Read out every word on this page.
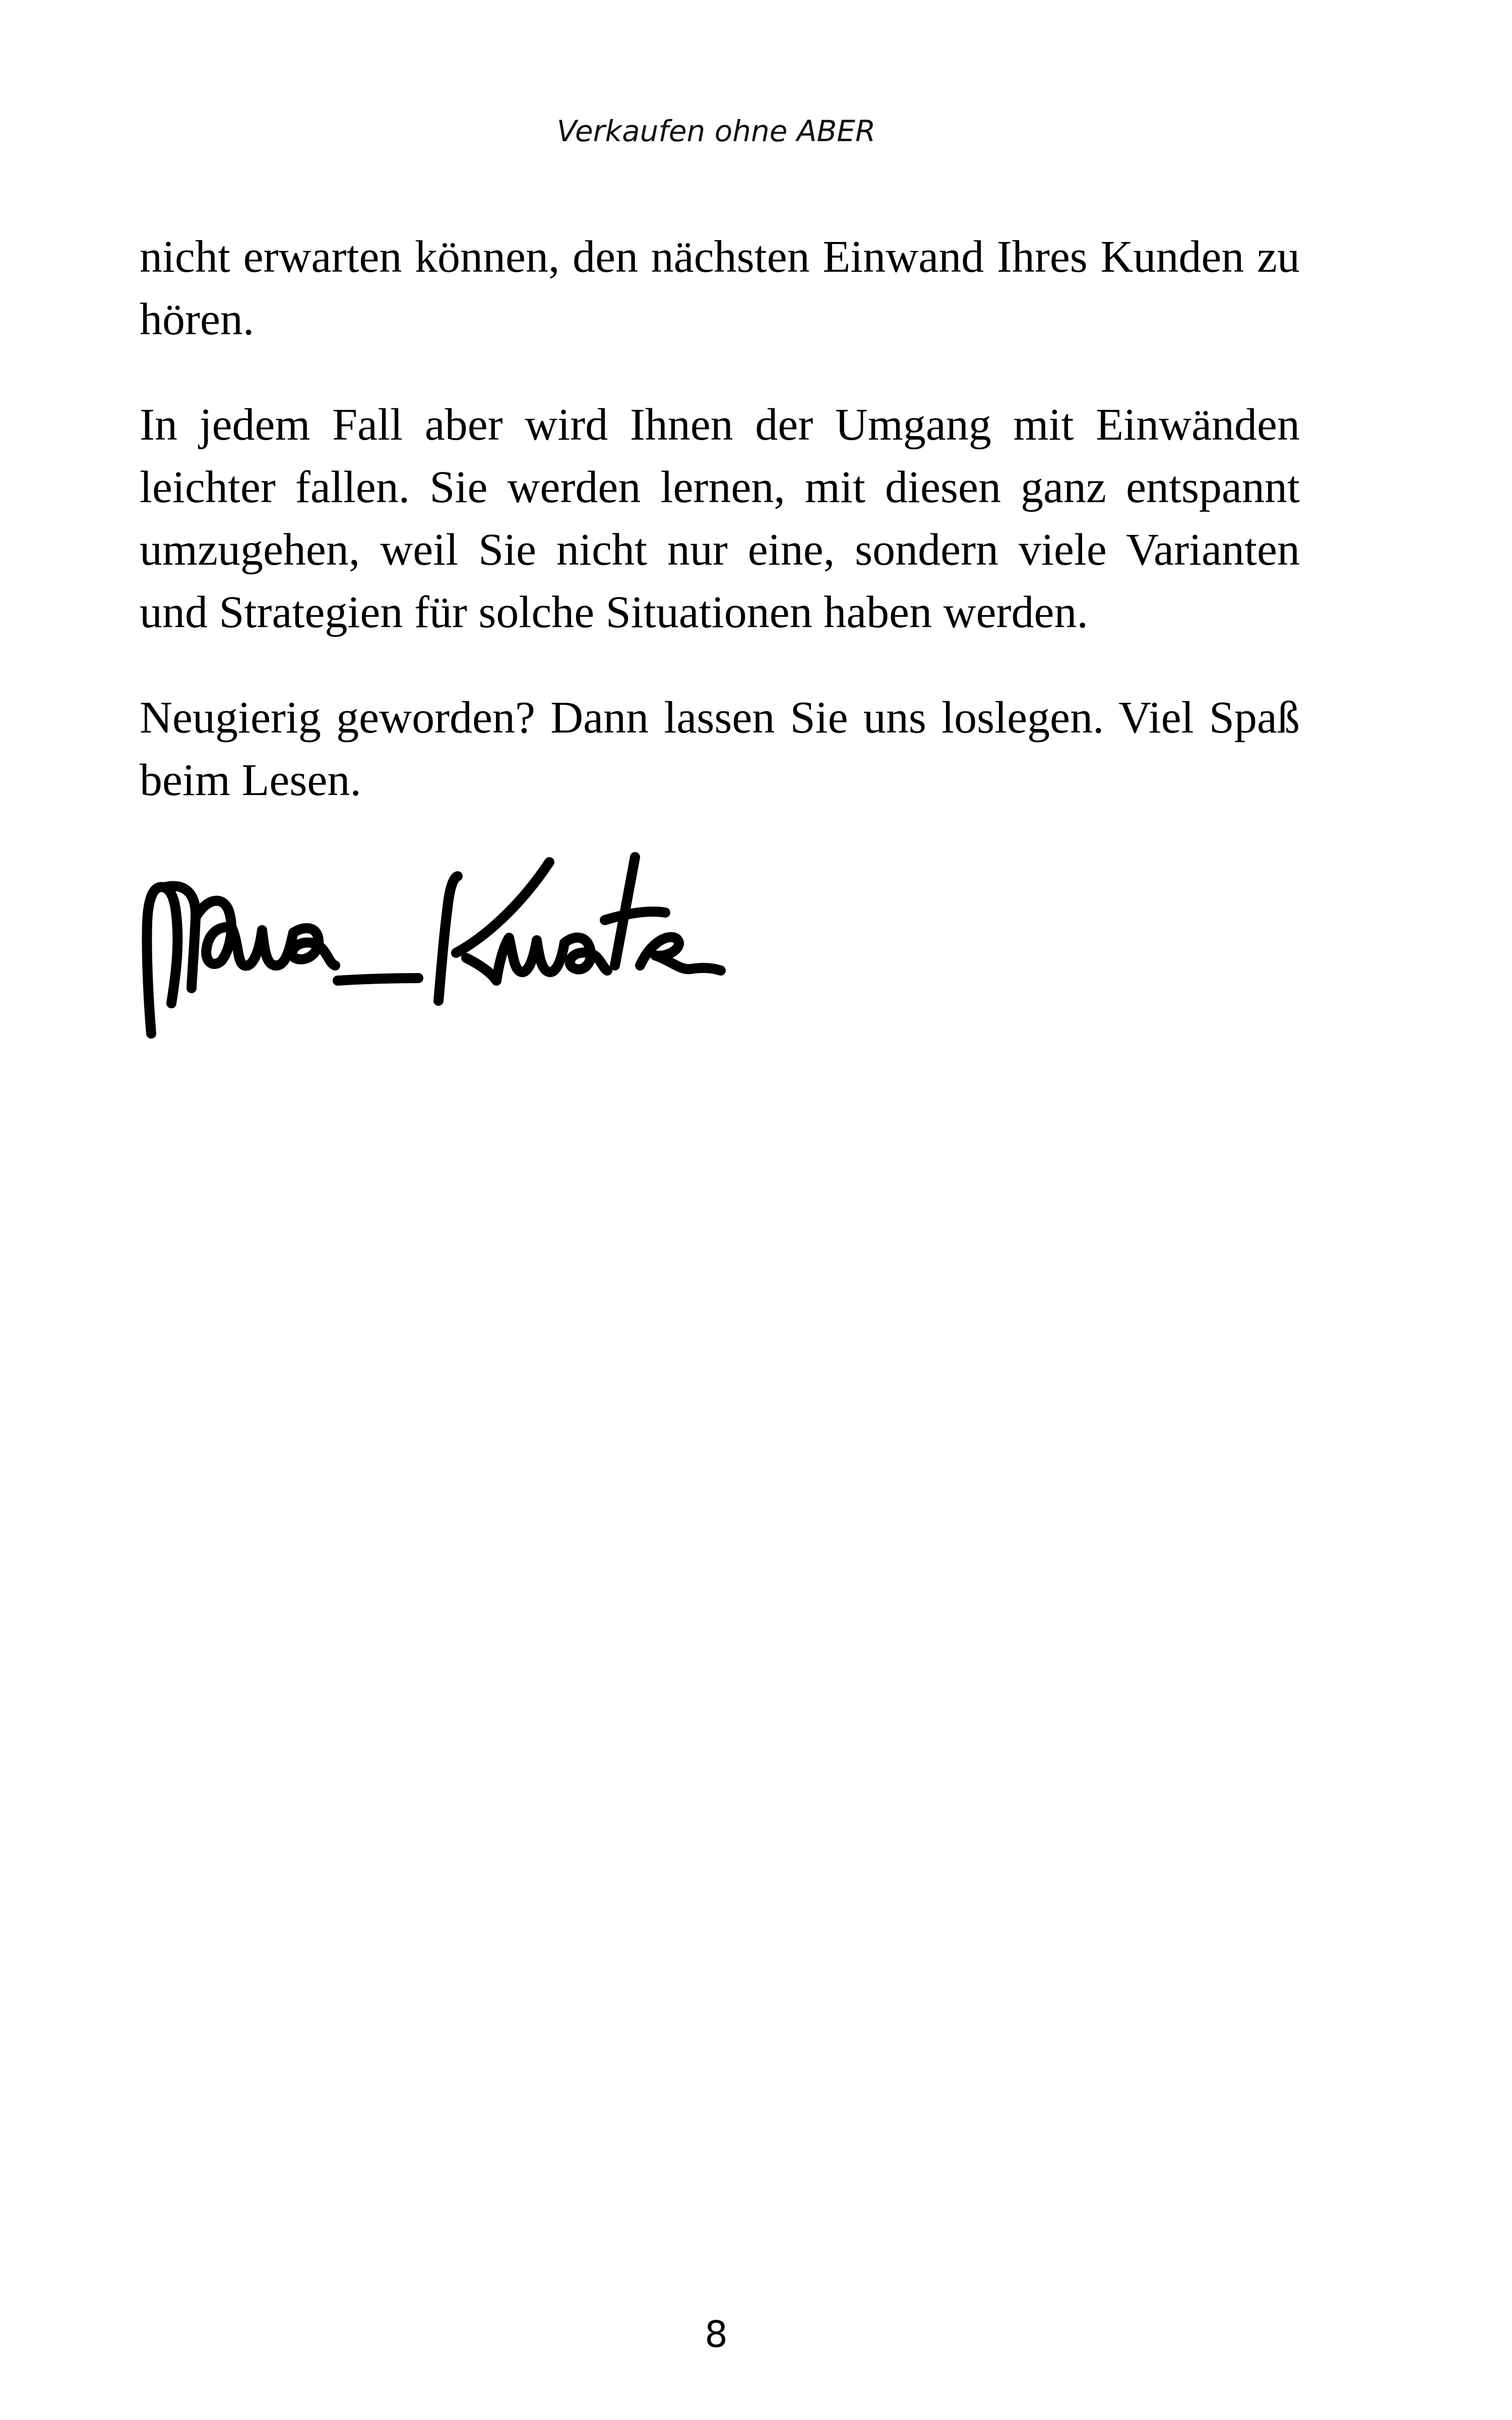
Verkaufen ohne ABER

nicht erwarten können, den nächsten Einwand Ihres Kunden zu hören.

In jedem Fall aber wird Ihnen der Umgang mit Einwänden leichter fallen. Sie werden lernen, mit diesen ganz entspannt umzugehen, weil Sie nicht nur eine, sondern viele Varianten und Strategien für solche Situationen haben werden.

Neugierig geworden? Dann lassen Sie uns loslegen. Viel Spaß beim Lesen.

8
